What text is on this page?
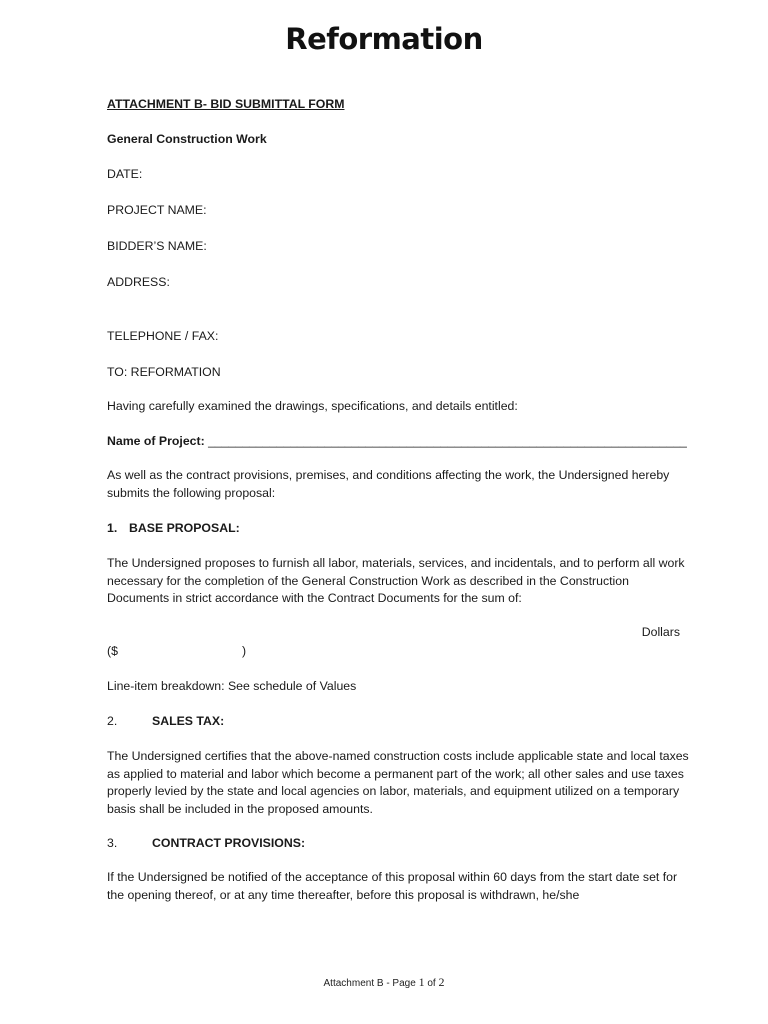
Reformation

ATTACHMENT B- BID SUBMITTAL FORM

General Construction Work

DATE:

PROJECT NAME:

BIDDER’S NAME:

ADDRESS:

TELEPHONE / FAX:

TO: REFORMATION

Having carefully examined the drawings, specifications, and details entitled:

Name of Project: ______________________________________________________________________

As well as the contract provisions, premises, and conditions affecting the work, the Undersigned hereby submits the following proposal:

1. BASE PROPOSAL:

The Undersigned proposes to furnish all labor, materials, services, and incidentals, and to perform all work necessary for the completion of the General Construction Work as described in the Construction Documents in strict accordance with the Contract Documents for the sum of:

Dollars
($	)

Line-item breakdown: See schedule of Values

2.	SALES TAX:

The Undersigned certifies that the above-named construction costs include applicable state and local taxes as applied to material and labor which become a permanent part of the work; all other sales and use taxes properly levied by the state and local agencies on labor, materials, and equipment utilized on a temporary basis shall be included in the proposed amounts.

3.	CONTRACT PROVISIONS:

If the Undersigned be notified of the acceptance of this proposal within 60 days from the start date set for the opening thereof, or at any time thereafter, before this proposal is withdrawn, he/she

Attachment B - Page 1 of 2
